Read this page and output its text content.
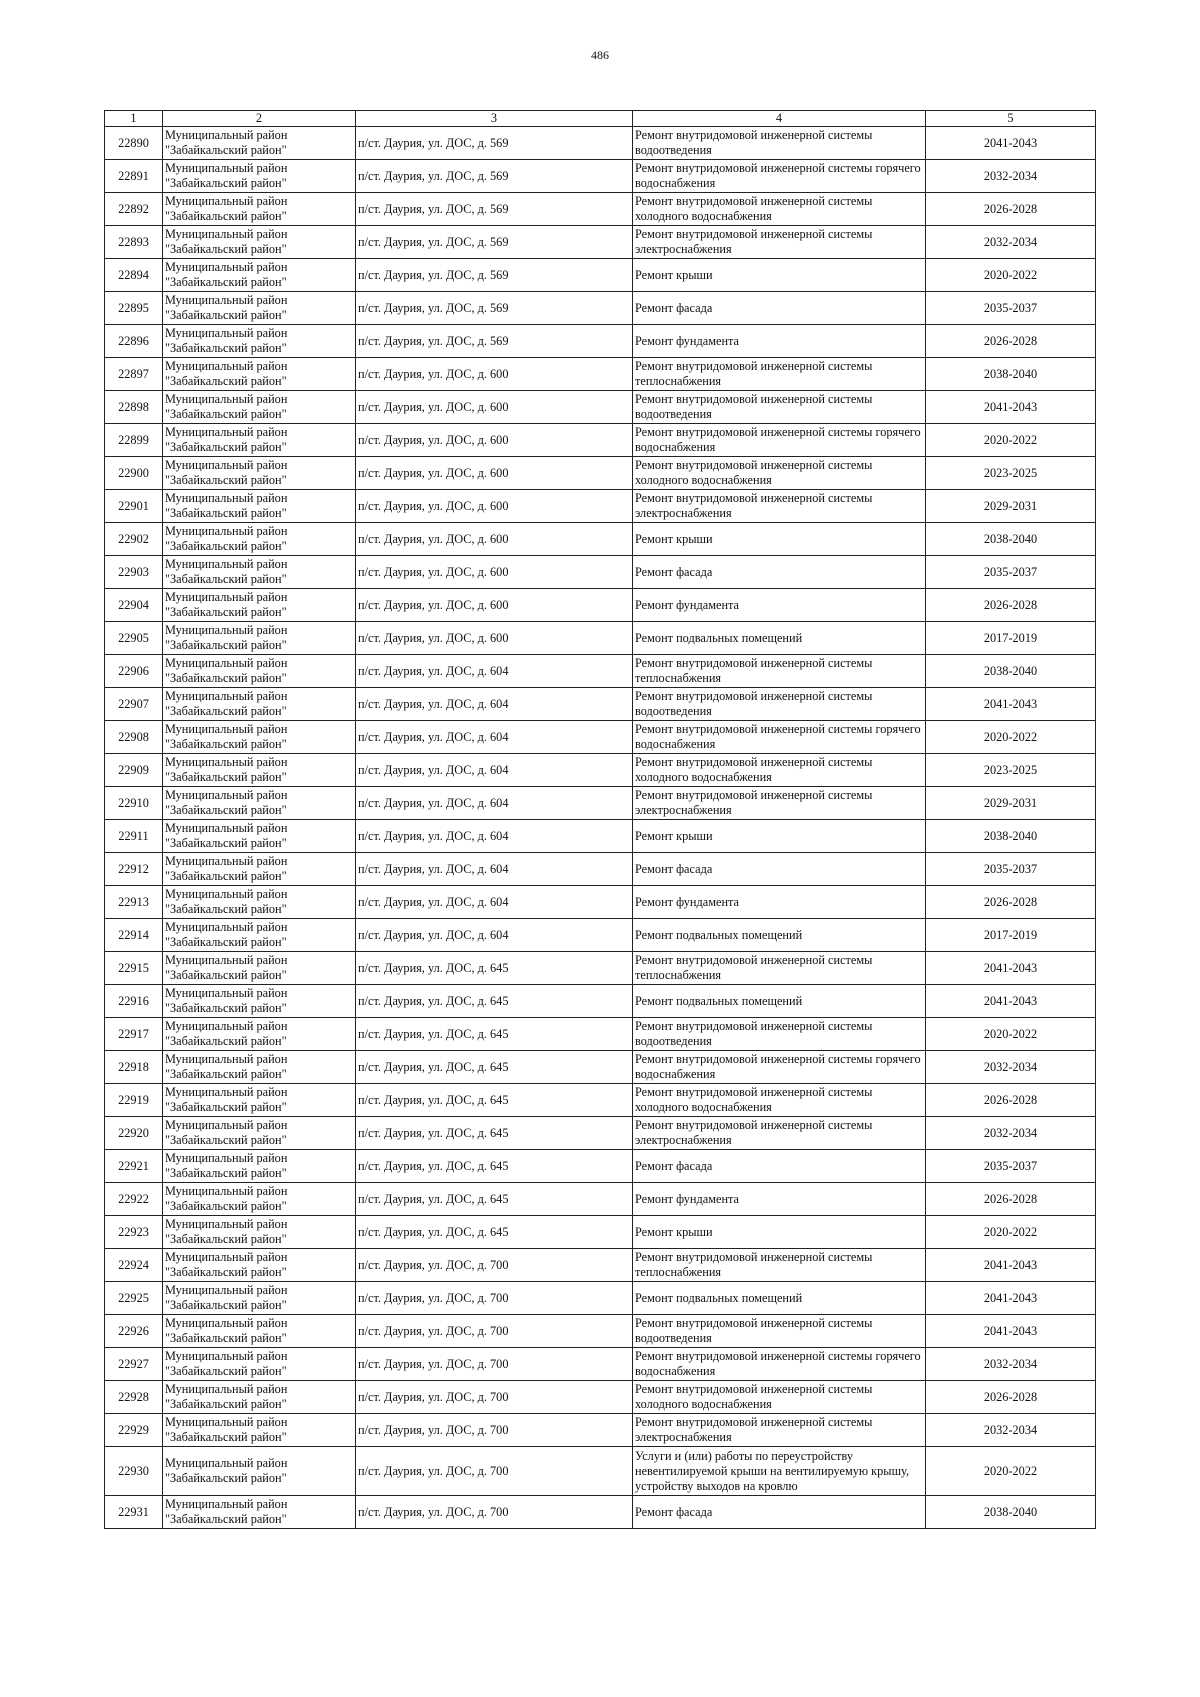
486
1	2	3	4	5
22890	Муниципальный район "Забайкальский район"	п/ст. Даурия, ул. ДОС, д. 569	Ремонт внутридомовой инженерной системы водоотведения	2041-2043
22891	Муниципальный район "Забайкальский район"	п/ст. Даурия, ул. ДОС, д. 569	Ремонт внутридомовой инженерной системы горячего водоснабжения	2032-2034
22892	Муниципальный район "Забайкальский район"	п/ст. Даурия, ул. ДОС, д. 569	Ремонт внутридомовой инженерной системы холодного водоснабжения	2026-2028
22893	Муниципальный район "Забайкальский район"	п/ст. Даурия, ул. ДОС, д. 569	Ремонт внутридомовой инженерной системы электроснабжения	2032-2034
22894	Муниципальный район "Забайкальский район"	п/ст. Даурия, ул. ДОС, д. 569	Ремонт крыши	2020-2022
22895	Муниципальный район "Забайкальский район"	п/ст. Даурия, ул. ДОС, д. 569	Ремонт фасада	2035-2037
22896	Муниципальный район "Забайкальский район"	п/ст. Даурия, ул. ДОС, д. 569	Ремонт фундамента	2026-2028
22897	Муниципальный район "Забайкальский район"	п/ст. Даурия, ул. ДОС, д. 600	Ремонт внутридомовой инженерной системы теплоснабжения	2038-2040
22898	Муниципальный район "Забайкальский район"	п/ст. Даурия, ул. ДОС, д. 600	Ремонт внутридомовой инженерной системы водоотведения	2041-2043
22899	Муниципальный район "Забайкальский район"	п/ст. Даурия, ул. ДОС, д. 600	Ремонт внутридомовой инженерной системы горячего водоснабжения	2020-2022
22900	Муниципальный район "Забайкальский район"	п/ст. Даурия, ул. ДОС, д. 600	Ремонт внутридомовой инженерной системы холодного водоснабжения	2023-2025
22901	Муниципальный район "Забайкальский район"	п/ст. Даурия, ул. ДОС, д. 600	Ремонт внутридомовой инженерной системы электроснабжения	2029-2031
22902	Муниципальный район "Забайкальский район"	п/ст. Даурия, ул. ДОС, д. 600	Ремонт крыши	2038-2040
22903	Муниципальный район "Забайкальский район"	п/ст. Даурия, ул. ДОС, д. 600	Ремонт фасада	2035-2037
22904	Муниципальный район "Забайкальский район"	п/ст. Даурия, ул. ДОС, д. 600	Ремонт фундамента	2026-2028
22905	Муниципальный район "Забайкальский район"	п/ст. Даурия, ул. ДОС, д. 600	Ремонт подвальных помещений	2017-2019
22906	Муниципальный район "Забайкальский район"	п/ст. Даурия, ул. ДОС, д. 604	Ремонт внутридомовой инженерной системы теплоснабжения	2038-2040
22907	Муниципальный район "Забайкальский район"	п/ст. Даурия, ул. ДОС, д. 604	Ремонт внутридомовой инженерной системы водоотведения	2041-2043
22908	Муниципальный район "Забайкальский район"	п/ст. Даурия, ул. ДОС, д. 604	Ремонт внутридомовой инженерной системы горячего водоснабжения	2020-2022
22909	Муниципальный район "Забайкальский район"	п/ст. Даурия, ул. ДОС, д. 604	Ремонт внутридомовой инженерной системы холодного водоснабжения	2023-2025
22910	Муниципальный район "Забайкальский район"	п/ст. Даурия, ул. ДОС, д. 604	Ремонт внутридомовой инженерной системы электроснабжения	2029-2031
22911	Муниципальный район "Забайкальский район"	п/ст. Даурия, ул. ДОС, д. 604	Ремонт крыши	2038-2040
22912	Муниципальный район "Забайкальский район"	п/ст. Даурия, ул. ДОС, д. 604	Ремонт фасада	2035-2037
22913	Муниципальный район "Забайкальский район"	п/ст. Даурия, ул. ДОС, д. 604	Ремонт фундамента	2026-2028
22914	Муниципальный район "Забайкальский район"	п/ст. Даурия, ул. ДОС, д. 604	Ремонт подвальных помещений	2017-2019
22915	Муниципальный район "Забайкальский район"	п/ст. Даурия, ул. ДОС, д. 645	Ремонт внутридомовой инженерной системы теплоснабжения	2041-2043
22916	Муниципальный район "Забайкальский район"	п/ст. Даурия, ул. ДОС, д. 645	Ремонт подвальных помещений	2041-2043
22917	Муниципальный район "Забайкальский район"	п/ст. Даурия, ул. ДОС, д. 645	Ремонт внутридомовой инженерной системы водоотведения	2020-2022
22918	Муниципальный район "Забайкальский район"	п/ст. Даурия, ул. ДОС, д. 645	Ремонт внутридомовой инженерной системы горячего водоснабжения	2032-2034
22919	Муниципальный район "Забайкальский район"	п/ст. Даурия, ул. ДОС, д. 645	Ремонт внутридомовой инженерной системы холодного водоснабжения	2026-2028
22920	Муниципальный район "Забайкальский район"	п/ст. Даурия, ул. ДОС, д. 645	Ремонт внутридомовой инженерной системы электроснабжения	2032-2034
22921	Муниципальный район "Забайкальский район"	п/ст. Даурия, ул. ДОС, д. 645	Ремонт фасада	2035-2037
22922	Муниципальный район "Забайкальский район"	п/ст. Даурия, ул. ДОС, д. 645	Ремонт фундамента	2026-2028
22923	Муниципальный район "Забайкальский район"	п/ст. Даурия, ул. ДОС, д. 645	Ремонт крыши	2020-2022
22924	Муниципальный район "Забайкальский район"	п/ст. Даурия, ул. ДОС, д. 700	Ремонт внутридомовой инженерной системы теплоснабжения	2041-2043
22925	Муниципальный район "Забайкальский район"	п/ст. Даурия, ул. ДОС, д. 700	Ремонт подвальных помещений	2041-2043
22926	Муниципальный район "Забайкальский район"	п/ст. Даурия, ул. ДОС, д. 700	Ремонт внутридомовой инженерной системы водоотведения	2041-2043
22927	Муниципальный район "Забайкальский район"	п/ст. Даурия, ул. ДОС, д. 700	Ремонт внутридомовой инженерной системы горячего водоснабжения	2032-2034
22928	Муниципальный район "Забайкальский район"	п/ст. Даурия, ул. ДОС, д. 700	Ремонт внутридомовой инженерной системы холодного водоснабжения	2026-2028
22929	Муниципальный район "Забайкальский район"	п/ст. Даурия, ул. ДОС, д. 700	Ремонт внутридомовой инженерной системы электроснабжения	2032-2034
22930	Муниципальный район "Забайкальский район"	п/ст. Даурия, ул. ДОС, д. 700	Услуги и (или) работы по переустройству невентилируемой крыши на вентилируемую крышу, устройству выходов на кровлю	2020-2022
22931	Муниципальный район "Забайкальский район"	п/ст. Даурия, ул. ДОС, д. 700	Ремонт фасада	2038-2040
